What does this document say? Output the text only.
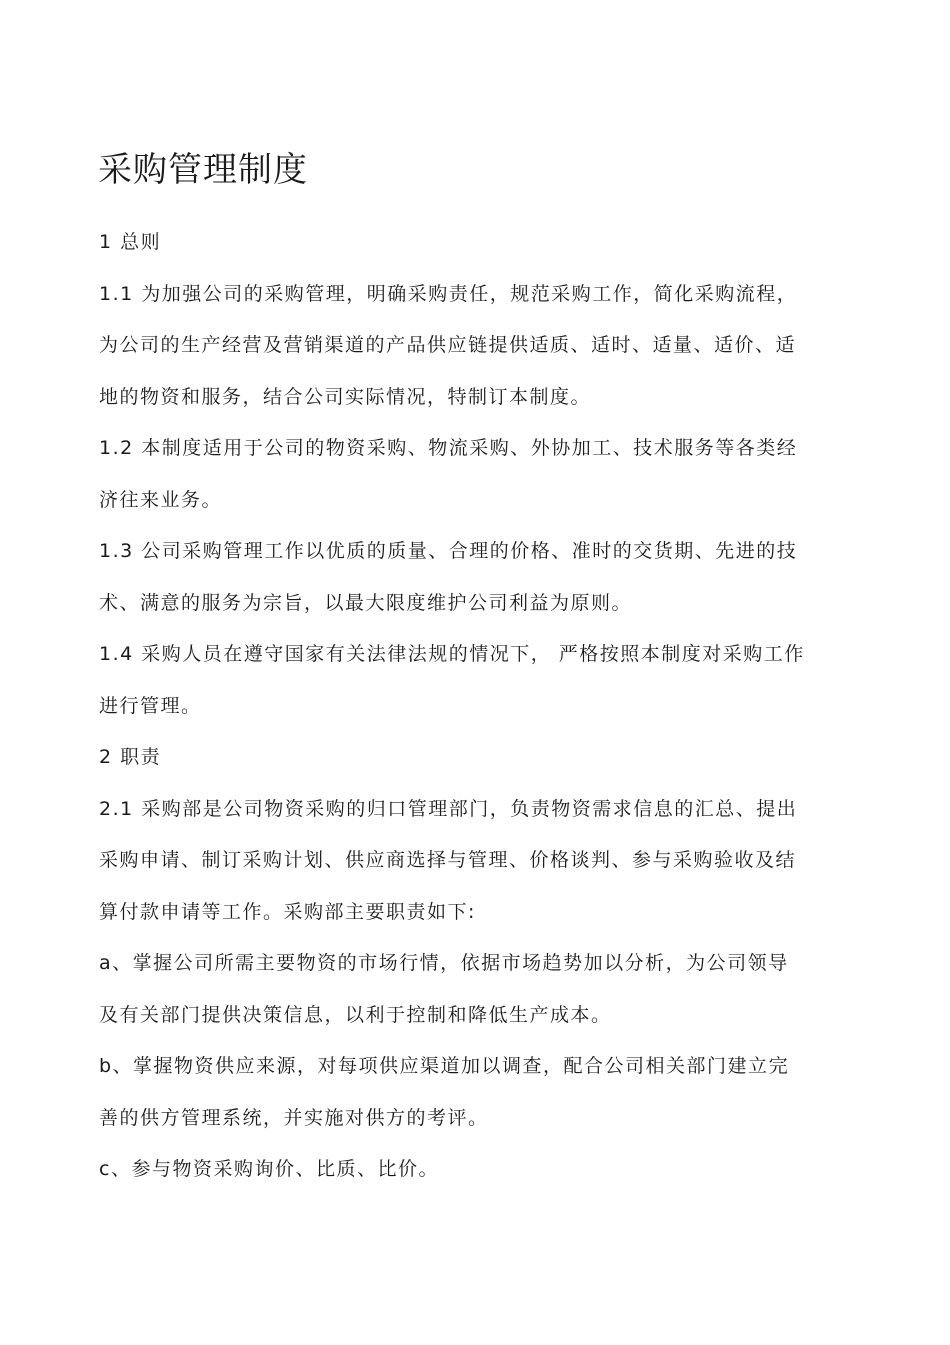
采购管理制度

1 总则

1.1 为加强公司的采购管理，明确采购责任，规范采购工作，简化采购流程，

为公司的生产经营及营销渠道的产品供应链提供适质、适时、适量、适价、适

地的物资和服务，结合公司实际情况，特制订本制度。

1.2 本制度适用于公司的物资采购、物流采购、外协加工、技术服务等各类经

济往来业务。

1.3 公司采购管理工作以优质的质量、合理的价格、准时的交货期、先进的技

术、满意的服务为宗旨，以最大限度维护公司利益为原则。

1.4 采购人员在遵守国家有关法律法规的情况下， 严格按照本制度对采购工作

进行管理。

2 职责

2.1 采购部是公司物资采购的归口管理部门，负责物资需求信息的汇总、提出

采购申请、制订采购计划、供应商选择与管理、价格谈判、参与采购验收及结

算付款申请等工作。采购部主要职责如下:

a、掌握公司所需主要物资的市场行情，依据市场趋势加以分析，为公司领导

及有关部门提供决策信息，以利于控制和降低生产成本。

b、掌握物资供应来源，对每项供应渠道加以调查，配合公司相关部门建立完

善的供方管理系统，并实施对供方的考评。

c、参与物资采购询价、比质、比价。
